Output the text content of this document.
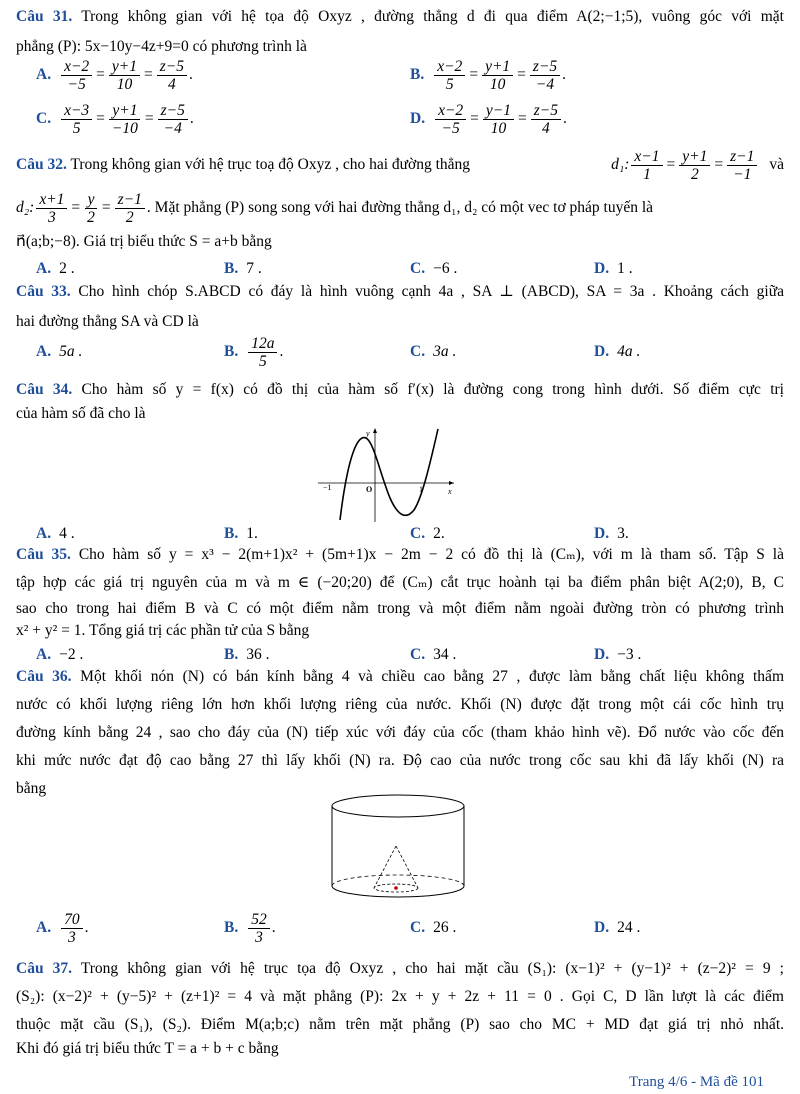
Câu 31. Trong không gian với hệ tọa độ Oxyz , đường thẳng d đi qua điểm A(2;−1;5), vuông góc với mặt
phẳng (P): 5x−10y−4z+9=0 có phương trình là
A. $\frac{x-2}{-5} = \frac{y+1}{10} = \frac{z-5}{4}$ .	B. $\frac{x-2}{5} = \frac{y+1}{10} = \frac{z-5}{-4}$ .
C. $\frac{x-3}{5} = \frac{y+1}{-10} = \frac{z-5}{-4}$ .	D. $\frac{x-2}{-5} = \frac{y-1}{10} = \frac{z-5}{4}$ .
Câu 32. Trong không gian với hệ trục toạ độ Oxyz , cho hai đường thẳng	d₁: $\frac{x-1}{1} = \frac{y+1}{2} = \frac{z-1}{-1}$ và
d₂: $\frac{x+1}{3} = \frac{y}{2} = \frac{z-1}{2}$ . Mặt phẳng (P) song song với hai đường thẳng d₁, d₂ có một vec tơ pháp tuyến là
n⃗(a;b;−8). Giá trị biểu thức S = a+b bằng
A. 2 .	B. 7 .	C. −6 .	D. 1 .
Câu 33. Cho hình chóp S.ABCD có đáy là hình vuông cạnh 4a , SA ⊥ (ABCD), SA = 3a . Khoảng cách giữa
hai đường thẳng SA và CD là
A. 5a .	B. $\frac{12a}{5}$ .	C. 3a .	D. 4a .
Câu 34. Cho hàm số y = f(x) có đồ thị của hàm số f′(x) là đường cong trong hình dưới. Số điểm cực trị
của hàm số đã cho là
y
x
O
−1	1
A. 4 .	B. 1.	C. 2.	D. 3.
Câu 35. Cho hàm số y = x³ − 2(m+1)x² + (5m+1)x − 2m − 2 có đồ thị là (Cₘ), với m là tham số. Tập S là
tập hợp các giá trị nguyên của m và m ∈ (−20;20) để (Cₘ) cắt trục hoành tại ba điểm phân biệt A(2;0), B, C
sao cho trong hai điểm B và C có một điểm nằm trong và một điểm nằm ngoài đường tròn có phương trình
x² + y² = 1. Tổng giá trị các phần tử của S bằng
A. −2 .	B. 36 .	C. 34 .	D. −3 .
Câu 36. Một khối nón (N) có bán kính bằng 4 và chiều cao bằng 27 , được làm bằng chất liệu không thấm
nước có khối lượng riêng lớn hơn khối lượng riêng của nước. Khối (N) được đặt trong một cái cốc hình trụ
đường kính bằng 24 , sao cho đáy của (N) tiếp xúc với đáy của cốc (tham khảo hình vẽ). Đổ nước vào cốc đến
khi mức nước đạt độ cao bằng 27 thì lấy khối (N) ra. Độ cao của nước trong cốc sau khi đã lấy khối (N) ra
bằng
A. $\frac{70}{3}$ .	B. $\frac{52}{3}$ .	C. 26 .	D. 24 .
Câu 37. Trong không gian với hệ trục tọa độ Oxyz , cho hai mặt cầu (S₁): (x−1)² + (y−1)² + (z−2)² = 9 ;
(S₂): (x−2)² + (y−5)² + (z+1)² = 4 và mặt phẳng (P): 2x + y + 2z + 11 = 0 . Gọi C, D lần lượt là các điểm
thuộc mặt cầu (S₁), (S₂). Điểm M(a;b;c) nằm trên mặt phẳng (P) sao cho MC + MD đạt giá trị nhỏ nhất.
Khi đó giá trị biểu thức T = a + b + c bằng
Trang 4/6 - Mã đề 101
